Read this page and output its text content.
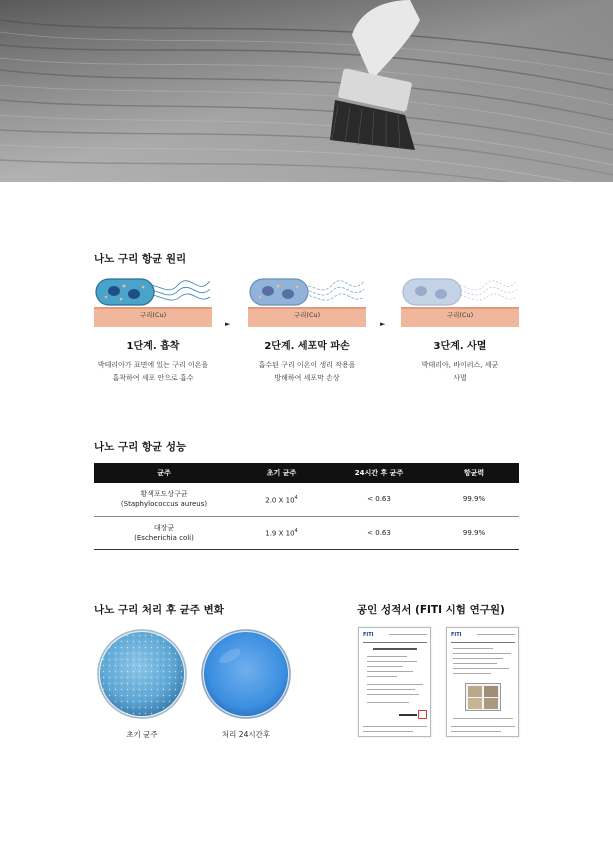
나노 구리 항균 원리
구리(Cu)
1단계. 흡착
박테리아가 표면에 있는 구리 이온을
흡착하여 세포 안으로 흡수
►
구리(Cu)
2단계. 세포막 파손
흡수된 구리 이온이 생리 작용을
방해하여 세포막 손상
►
구리(Cu)
3단계. 사멸
박테리아, 바이러스, 세균
사멸
나노 구리 항균 성능
균주	초기 균주	24시간 후 균주	항균력

황색포도상구균
(Staphylococcus aureus)	2.0 X $10^4$	< 0.63	99.9%

대장균
(Escherichia coli)	1.9 X $10^4$	< 0.63	99.9%
나노 구리 처리 후 균주 변화
초기 균주	처리 24시간후
공인 성적서 (FITI 시험 연구원)
FITI	FITI
